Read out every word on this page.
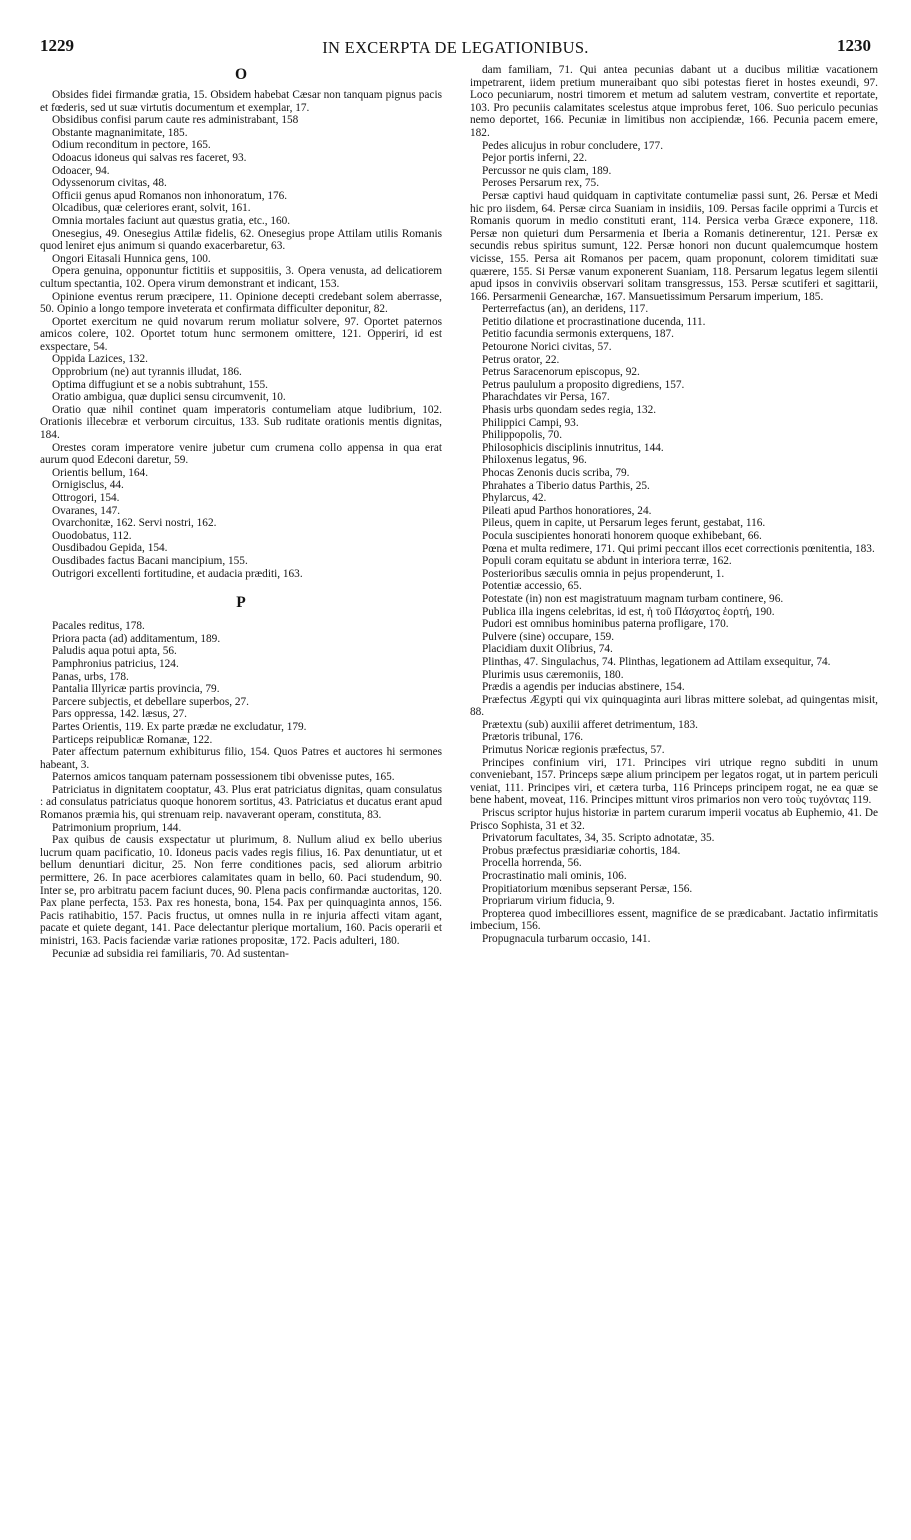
1229	IN EXCERPTA DE LEGATIONIBUS.	1230
O

Obsides fidei firmandæ gratia, 15. Obsidem habebat Cæsar non tanquam pignus pacis et fœderis, sed ut suæ virtutis documentum et exemplar, 17.

Obsidibus confisi parum caute res administrabant, 158

Obstante magnanimitate, 185.

Odium reconditum in pectore, 165.

Odoacus idoneus qui salvas res faceret, 93.

Odoacer, 94.

Odyssenorum civitas, 48.

Officii genus apud Romanos non inhonoratum, 176.

Olcadibus, quæ celeriores erant, solvit, 161.

Omnia mortales faciunt aut quæstus gratia, etc., 160.

Onesegius, 49. Onesegius Attilæ fidelis, 62. Onesegius prope Attilam utilis Romanis quod leniret ejus animum si quando exacerbaretur, 63.

Ongori Eitasali Hunnica gens, 100.

Opera genuina, opponuntur fictitiis et suppositiis, 3. Opera venusta, ad delicatiorem cultum spectantia, 102. Opera virum demonstrant et indicant, 153.

Opinione eventus rerum præcipere, 11. Opinione decepti credebant solem aberrasse, 50. Opinio a longo tempore inveterata et confirmata difficulter deponitur, 82.

Oportet exercitum ne quid novarum rerum moliatur solvere, 97. Oportet paternos amicos colere, 102. Oportet totum hunc sermonem omittere, 121. Opperiri, id est exspectare, 54.

Oppida Lazices, 132.

Opprobrium (ne) aut tyrannis illudat, 186.

Optima diffugiunt et se a nobis subtrahunt, 155.

Oratio ambigua, quæ duplici sensu circumvenit, 10.

Oratio quæ nihil continet quam imperatoris contumeliam atque ludibrium, 102. Orationis illecebræ et verborum circuitus, 133. Sub ruditate orationis mentis dignitas, 184.

Orestes coram imperatore venire jubetur cum crumena collo appensa in qua erat aurum quod Edeconi daretur, 59.

Orientis bellum, 164.

Ornigisclus, 44.

Ottrogori, 154.

Ovaranes, 147.

Ovarchonitæ, 162. Servi nostri, 162.

Ouodobatus, 112.

Ousdibadou Gepida, 154.

Ousdibades factus Bacani mancipium, 155.

Outrigori excellenti fortitudine, et audacia præditi, 163.

P

Pacales reditus, 178.

Priora pacta (ad) additamentum, 189.

Paludis aqua potui apta, 56.

Pamphronius patricius, 124.

Panas, urbs, 178.

Pantalia Illyricæ partis provincia, 79.

Parcere subjectis, et debellare superbos, 27.

Pars oppressa, 142. læsus, 27.

Partes Orientis, 119. Ex parte prædæ ne excludatur, 179.

Particeps reipublicæ Romanæ, 122.

Pater affectum paternum exhibiturus filio, 154. Quos Patres et auctores hi sermones habeant, 3.

Paternos amicos tanquam paternam possessionem tibi obvenisse putes, 165.

Patriciatus in dignitatem cooptatur, 43. Plus erat patriciatus dignitas, quam consulatus : ad consulatus patriciatus quoque honorem sortitus, 43. Patriciatus et ducatus erant apud Romanos præmia his, qui strenuam reip. navaverant operam, constituta, 83.

Patrimonium proprium, 144.

Pax quibus de causis exspectatur ut plurimum, 8. Nullum aliud ex bello uberius lucrum quam pacificatio, 10. Idoneus pacis vades regis filius, 16. Pax denuntiatur, ut et bellum denuntiari dicitur, 25. Non ferre conditiones pacis, sed aliorum arbitrio permittere, 26. In pace acerbiores calamitates quam in bello, 60. Paci studendum, 90. Inter se, pro arbitratu pacem faciunt duces, 90. Plena pacis confirmandæ auctoritas, 120. Pax plane perfecta, 153. Pax res honesta, bona, 154. Pax per quinquaginta annos, 156. Pacis ratihabitio, 157. Pacis fructus, ut omnes nulla in re injuria affecti vitam agant, pacate et quiete degant, 141. Pace delectantur plerique mortalium, 160. Pacis operarii et ministri, 163. Pacis faciendæ variæ rationes propositæ, 172. Pacis adulteri, 180.

Pecuniæ ad subsidia rei familiaris, 70. Ad sustentan-

dam familiam, 71. Qui antea pecunias dabant ut a ducibus militiæ vacationem impetrarent, iidem pretium muneraibant quo sibi potestas fieret in hostes exeundi, 97. Loco pecuniarum, nostri timorem et metum ad salutem vestram, convertite et reportate, 103. Pro pecuniis calamitates scelestus atque improbus feret, 106. Suo periculo pecunias nemo deportet, 166. Pecuniæ in limitibus non accipiendæ, 166. Pecunia pacem emere, 182.

Pedes alicujus in robur concludere, 177.

Pejor portis inferni, 22.

Percussor ne quis clam, 189.

Peroses Persarum rex, 75.

Persæ captivi haud quidquam in captivitate contumeliæ passi sunt, 26. Persæ et Medi hic pro iisdem, 64. Persæ circa Suaniam in insidiis, 109. Persas facile opprimi a Turcis et Romanis quorum in medio constituti erant, 114. Persica verba Græce exponere, 118. Persæ non quieturi dum Persarmenia et Iberia a Romanis detinerentur, 121. Persæ ex secundis rebus spiritus sumunt, 122. Persæ honori non ducunt qualemcumque hostem vicisse, 155. Persa ait Romanos per pacem, quam proponunt, colorem timiditati suæ quærere, 155. Si Persæ vanum exponerent Suaniam, 118. Persarum legatus legem silentii apud ipsos in conviviis observari solitam transgressus, 153. Persæ scutiferi et sagittarii, 166. Persarmenii Genearchæ, 167. Mansuetissimum Persarum imperium, 185.

Perterrefactus (an), an deridens, 117.

Petitio dilatione et procrastinatione ducenda, 111.

Petitio facundia sermonis exterquens, 187.

Petourone Norici civitas, 57.

Petrus orator, 22.

Petrus Saracenorum episcopus, 92.

Petrus paululum a proposito digrediens, 157.

Pharachdates vir Persa, 167.

Phasis urbs quondam sedes regia, 132.

Philippici Campi, 93.

Philippopolis, 70.

Philosophicis disciplinis innutritus, 144.

Philoxenus legatus, 96.

Phocas Zenonis ducis scriba, 79.

Phrahates a Tiberio datus Parthis, 25.

Phylarcus, 42.

Pileati apud Parthos honoratiores, 24.

Pileus, quem in capite, ut Persarum leges ferunt, gestabat, 116.

Pocula suscipientes honorati honorem quoque exhibebant, 66.

Pœna et multa redimere, 171. Qui primi peccant illos ecet correctionis pœnitentia, 183.

Populi coram equitatu se abdunt in interiora terræ, 162.

Posterioribus sæculis omnia in pejus propenderunt, 1.

Potentiæ accessio, 65.

Potestate (in) non est magistratuum magnam turbam continere, 96.

Publica illa ingens celebritas, id est, ἡ τοῦ Πάσχατος ἑορτή, 190.

Pudori est omnibus hominibus paterna profligare, 170.

Pulvere (sine) occupare, 159.

Placidiam duxit Olibrius, 74.

Plinthas, 47. Singulachus, 74. Plinthas, legationem ad Attilam exsequitur, 74.

Plurimis usus cæremoniis, 180.

Prædis a agendis per inducias abstinere, 154.

Præfectus Ægypti qui vix quinquaginta auri libras mittere solebat, ad quingentas misit, 88.

Prætextu (sub) auxilii afferet detrimentum, 183.

Prætoris tribunal, 176.

Primutus Noricæ regionis præfectus, 57.

Principes confinium viri, 171. Principes viri utrique regno subditi in unum conveniebant, 157. Princeps sæpe alium principem per legatos rogat, ut in partem periculi veniat, 111. Principes viri, et cætera turba, 116 Princeps principem rogat, ne ea quæ se bene habent, moveat, 116. Principes mittunt viros primarios non vero τοὺς τυχόντας 119.

Priscus scriptor hujus historiæ in partem curarum imperii vocatus ab Euphemio, 41. De Prisco Sophista, 31 et 32.

Privatorum facultates, 34, 35. Scripto adnotatæ, 35.

Probus præfectus præsidiariæ cohortis, 184.

Procella horrenda, 56.

Procrastinatio mali ominis, 106.

Propitiatorium mœnibus sepserant Persæ, 156.

Propriarum virium fiducia, 9.

Propterea quod imbecilliores essent, magnifice de se prædicabant. Jactatio infirmitatis imbecium, 156.

Propugnacula turbarum occasio, 141.
